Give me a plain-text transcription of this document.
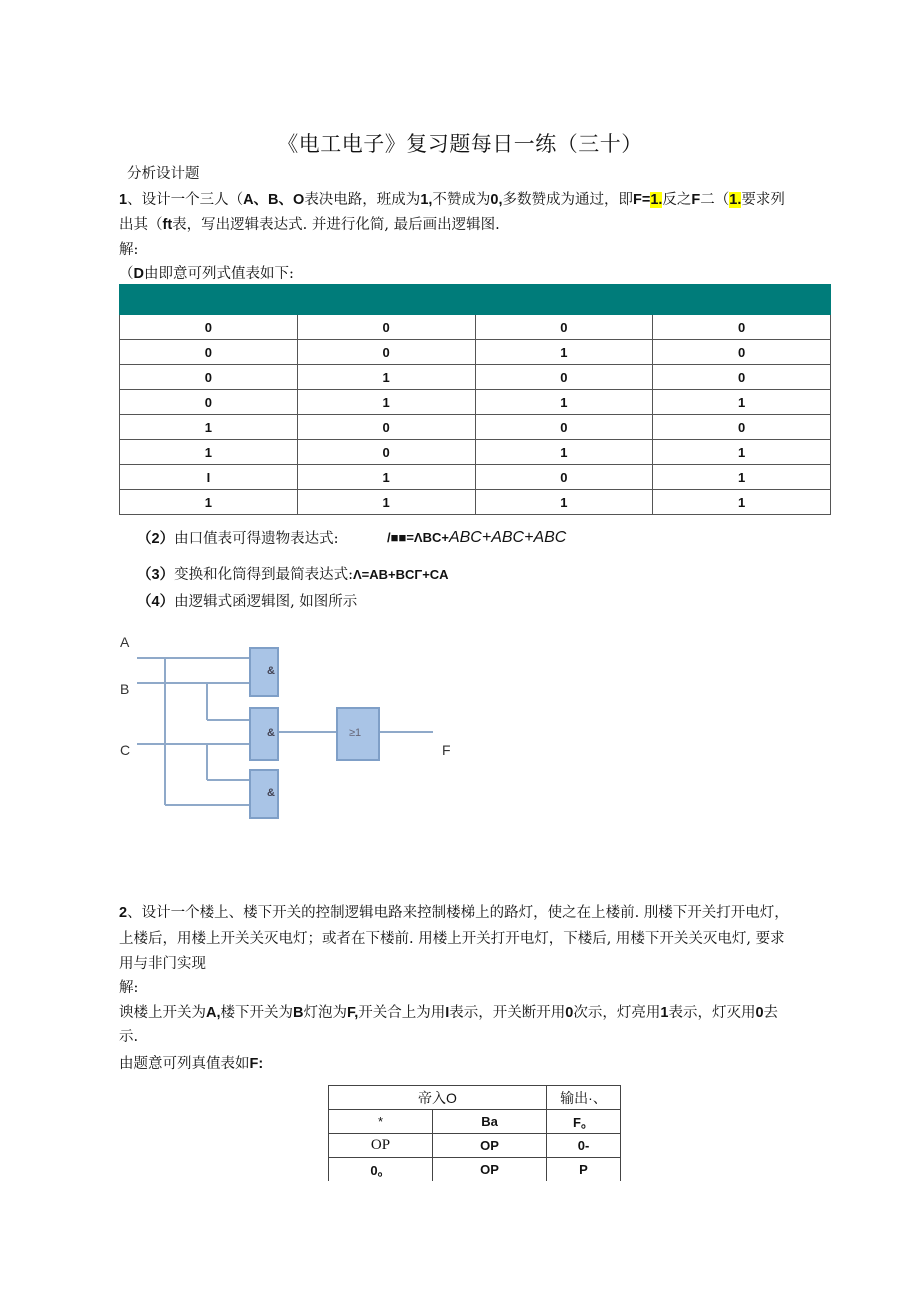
《电工电子》复习题每日一练（三十）
分析设计题
1、设计一个三人（A、B、O表决电路，班成为1,不赞成为0,多数赞成为通过，即F=1.反之F二（1.要求列
出其（ft表，写出逻辑表达式. 并进行化简, 最后画出逻辑图.
解:
（D由即意可列式值表如下:

0	0	0	0
0	0	1	0
0	1	0	0
0	1	1	1
1	0	0	0
1	0	1	1
I	1	0	1
1	1	1	1
（2）由口值表可得遗物表达式:	/■■=ΛBC+ABC+ABC+ABC
（3）变换和化筒得到最简表达式:Λ=AB+BCΓ+CA
（4）由逻辑式函逻辑图, 如图所示
A
B
C	F
&
&
&
≥1
2、设计一个楼上、楼下开关的控制逻辑电路来控制楼梯上的路灯，使之在上楼前. 刖楼下开关打开电灯，
上楼后，用楼上开关关灭电灯；或者在下楼前. 用楼上开关打开电灯，下楼后, 用楼下开关关灭电灯, 要求
用与非门实现
解:
谀楼上开关为A,楼下开关为B灯泡为F,开关合上为用I表示，开关断开用0次示，灯亮用1表示，灯灭用0去
示.
由题意可列真值表如F:
帝入O		输出·、
*	Ba	F。
OP	OP	0-
0。	OP	P
